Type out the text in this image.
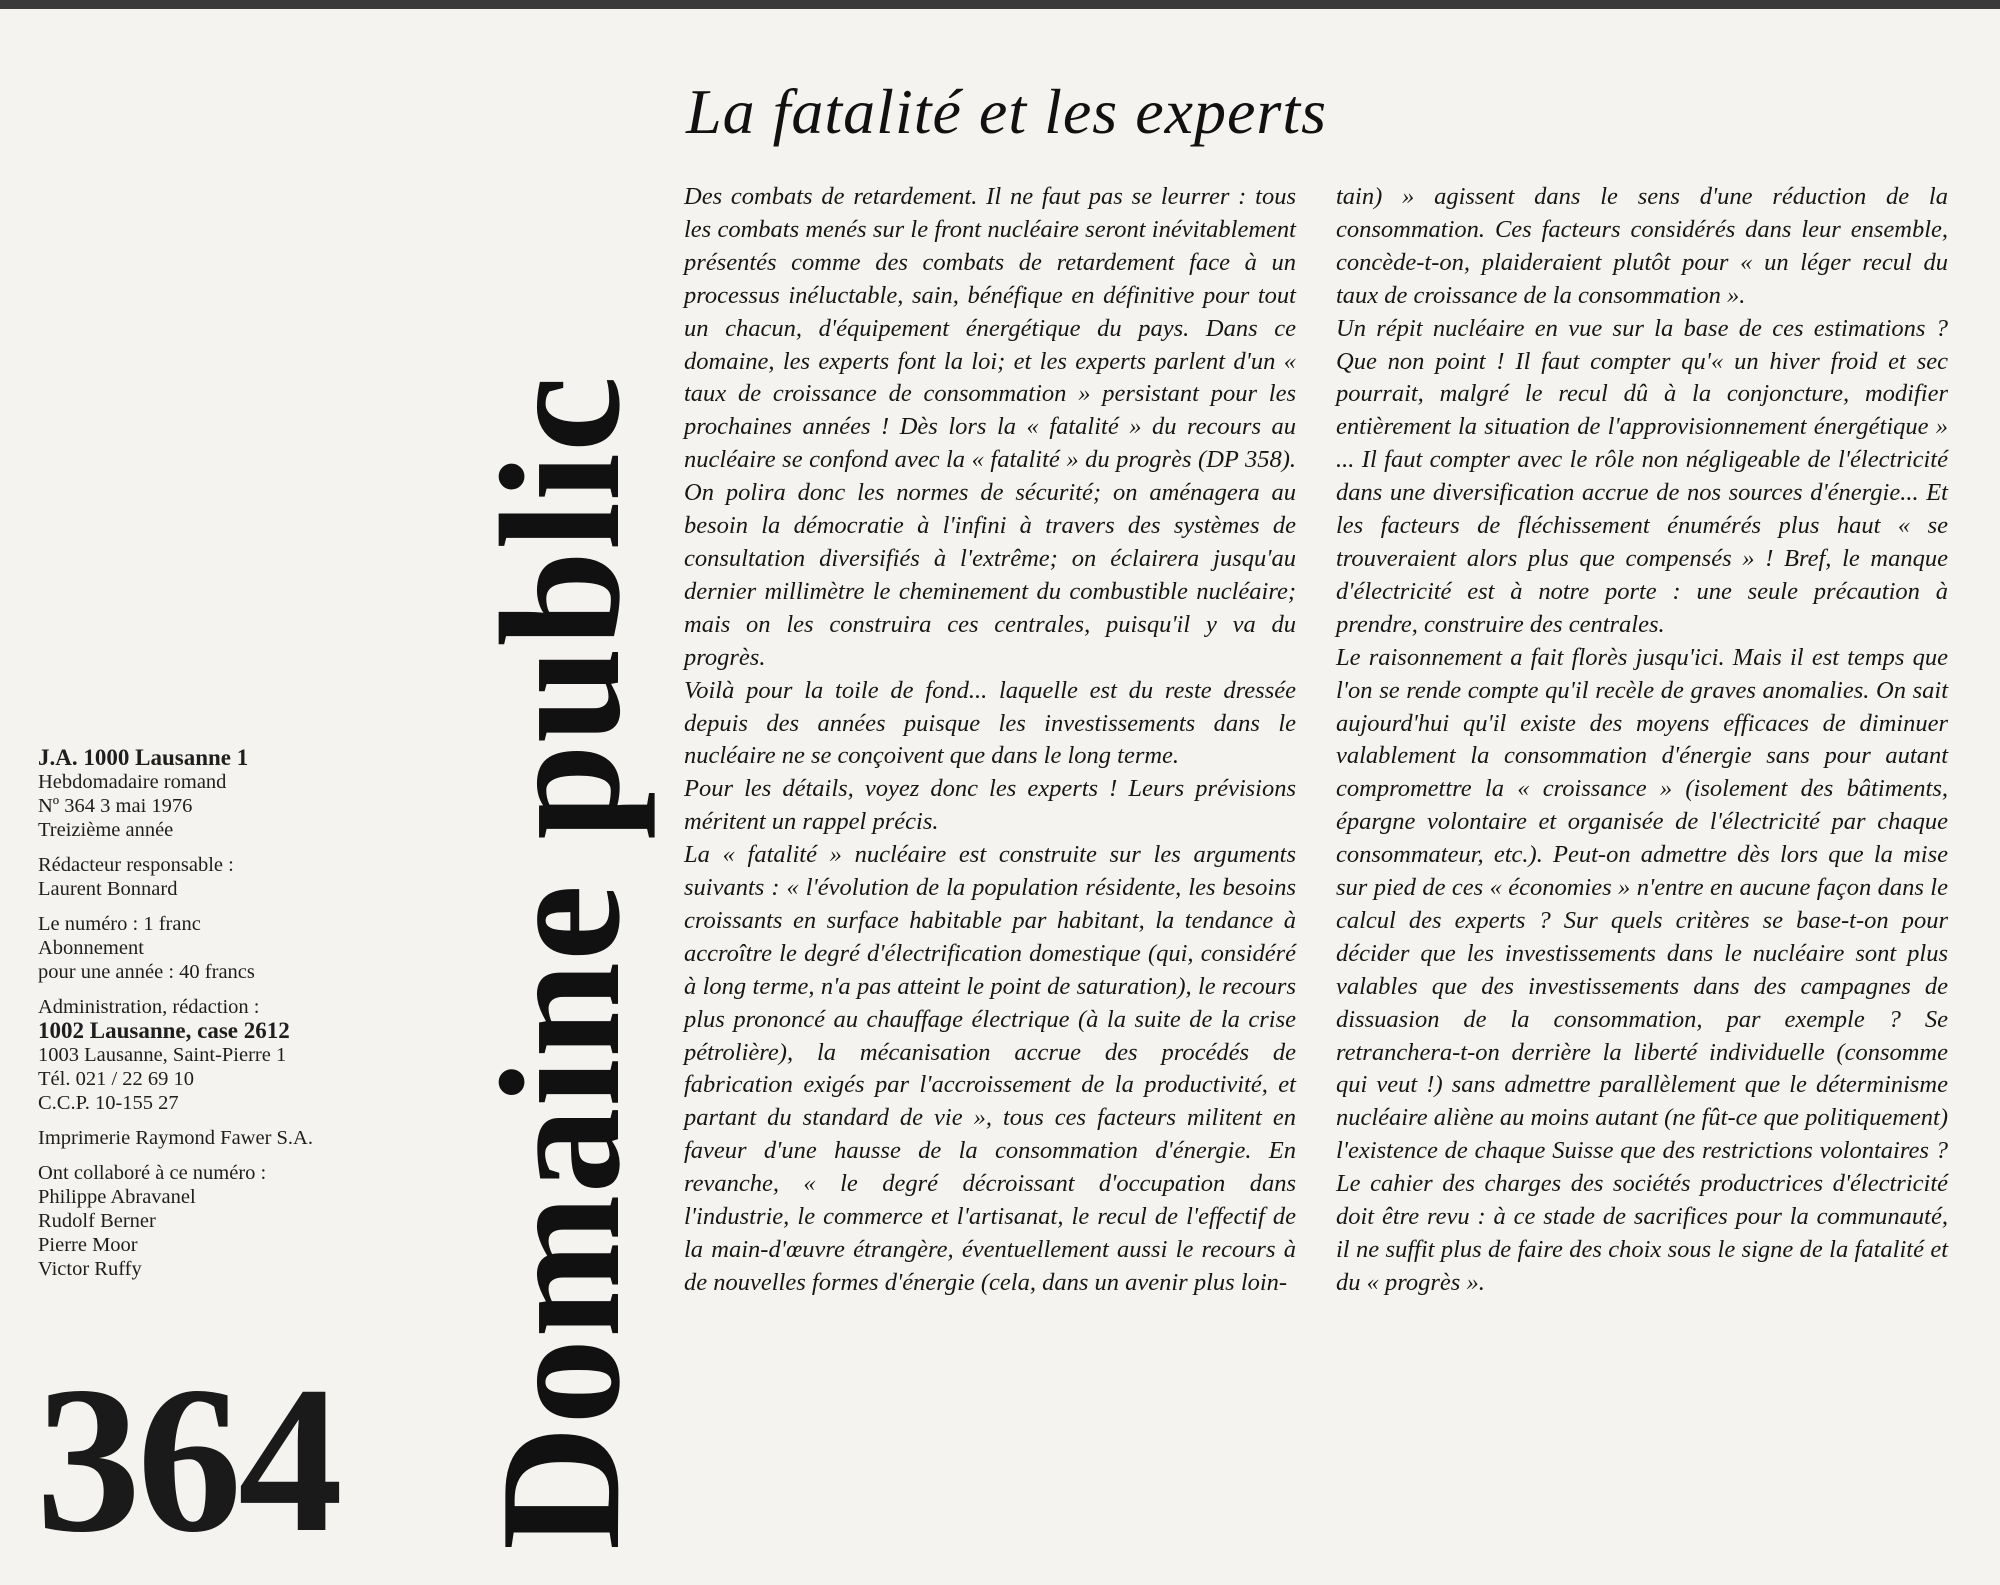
Domaine public

J.A. 1000 Lausanne 1
Hebdomadaire romand
Nº 364 3 mai 1976
Treizième année

Rédacteur responsable :
Laurent Bonnard

Le numéro : 1 franc
Abonnement
pour une année : 40 francs

Administration, rédaction :
1002 Lausanne, case 2612
1003 Lausanne, Saint-Pierre 1
Tél. 021 / 22 69 10
C.C.P. 10-155 27

Imprimerie Raymond Fawer S.A.

Ont collaboré à ce numéro :
Philippe Abravanel
Rudolf Berner
Pierre Moor
Victor Ruffy

364
La fatalité et les experts

Des combats de retardement. Il ne faut pas se leurrer : tous les combats menés sur le front nucléaire seront inévitablement présentés comme des combats de retardement face à un processus inéluctable, sain, bénéfique en définitive pour tout un chacun, d'équipement énergétique du pays. Dans ce domaine, les experts font la loi; et les experts parlent d'un « taux de croissance de consommation » persistant pour les prochaines années ! Dès lors la « fatalité » du recours au nucléaire se confond avec la « fatalité » du progrès (DP 358). On polira donc les normes de sécurité; on aménagera au besoin la démocratie à l'infini à travers des systèmes de consultation diversifiés à l'extrême; on éclairera jusqu'au dernier millimètre le cheminement du combustible nucléaire; mais on les construira ces centrales, puisqu'il y va du progrès.

Voilà pour la toile de fond... laquelle est du reste dressée depuis des années puisque les investissements dans le nucléaire ne se conçoivent que dans le long terme.

Pour les détails, voyez donc les experts ! Leurs prévisions méritent un rappel précis.

La « fatalité » nucléaire est construite sur les arguments suivants : « l'évolution de la population résidente, les besoins croissants en surface habitable par habitant, la tendance à accroître le degré d'électrification domestique (qui, considéré à long terme, n'a pas atteint le point de saturation), le recours plus prononcé au chauffage électrique (à la suite de la crise pétrolière), la mécanisation accrue des procédés de fabrication exigés par l'accroissement de la productivité, et partant du standard de vie », tous ces facteurs militent en faveur d'une hausse de la consommation d'énergie. En revanche, « le degré décroissant d'occupation dans l'industrie, le commerce et l'artisanat, le recul de l'effectif de la main-d'œuvre étrangère, éventuellement aussi le recours à de nouvelles formes d'énergie (cela, dans un avenir plus loin-

tain) » agissent dans le sens d'une réduction de la consommation. Ces facteurs considérés dans leur ensemble, concède-t-on, plaideraient plutôt pour « un léger recul du taux de croissance de la consommation ».

Un répit nucléaire en vue sur la base de ces estimations ? Que non point ! Il faut compter qu'« un hiver froid et sec pourrait, malgré le recul dû à la conjoncture, modifier entièrement la situation de l'approvisionnement énergétique » ... Il faut compter avec le rôle non négligeable de l'électricité dans une diversification accrue de nos sources d'énergie... Et les facteurs de fléchissement énumérés plus haut « se trouveraient alors plus que compensés » ! Bref, le manque d'électricité est à notre porte : une seule précaution à prendre, construire des centrales.

Le raisonnement a fait florès jusqu'ici. Mais il est temps que l'on se rende compte qu'il recèle de graves anomalies. On sait aujourd'hui qu'il existe des moyens efficaces de diminuer valablement la consommation d'énergie sans pour autant compromettre la « croissance » (isolement des bâtiments, épargne volontaire et organisée de l'électricité par chaque consommateur, etc.). Peut-on admettre dès lors que la mise sur pied de ces « économies » n'entre en aucune façon dans le calcul des experts ? Sur quels critères se base-t-on pour décider que les investissements dans le nucléaire sont plus valables que des investissements dans des campagnes de dissuasion de la consommation, par exemple ? Se retranchera-t-on derrière la liberté individuelle (consomme qui veut !) sans admettre parallèlement que le déterminisme nucléaire aliène au moins autant (ne fût-ce que politiquement) l'existence de chaque Suisse que des restrictions volontaires ? Le cahier des charges des sociétés productrices d'électricité doit être revu : à ce stade de sacrifices pour la communauté, il ne suffit plus de faire des choix sous le signe de la fatalité et du « progrès ».
